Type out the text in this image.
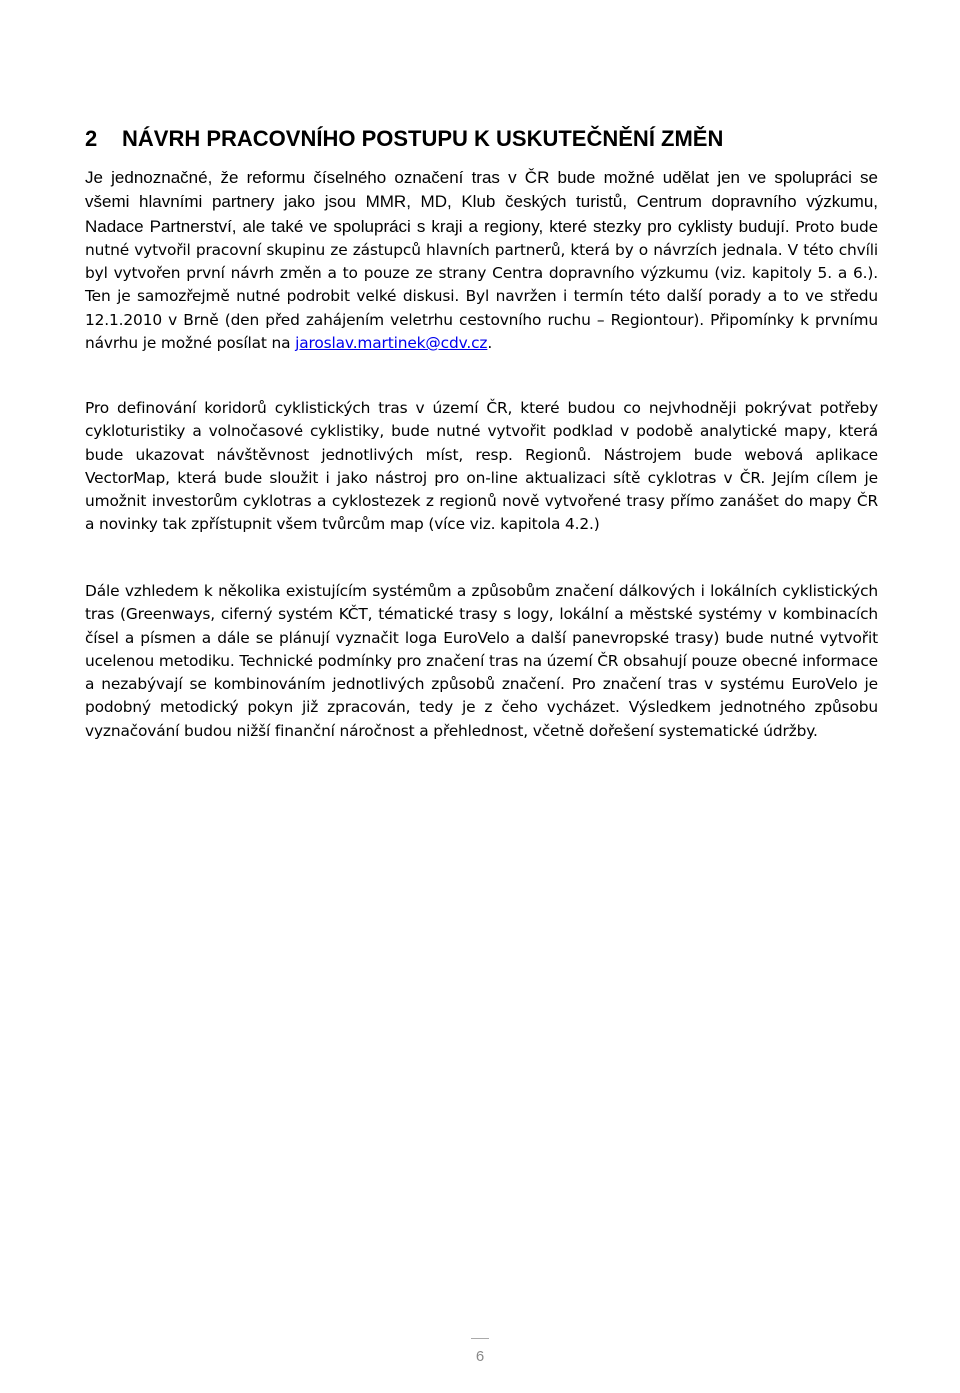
2 NÁVRH PRACOVNÍHO POSTUPU K USKUTEČNĚNÍ ZMĚN

Je jednoznačné, že reformu číselného označení tras v ČR bude možné udělat jen ve spolupráci se všemi hlavními partnery jako jsou MMR, MD, Klub českých turistů, Centrum dopravního výzkumu, Nadace Partnerství, ale také ve spolupráci s kraji a regiony, které stezky pro cyklisty budují. Proto bude nutné vytvořil pracovní skupinu ze zástupců hlavních partnerů, která by o návrzích jednala. V této chvíli byl vytvořen první návrh změn a to pouze ze strany Centra dopravního výzkumu (viz. kapitoly 5. a 6.). Ten je samozřejmě nutné podrobit velké diskusi. Byl navržen i termín této další porady a to ve středu 12.1.2010 v Brně (den před zahájením veletrhu cestovního ruchu – Regiontour). Připomínky k prvnímu návrhu je možné posílat na jaroslav.martinek@cdv.cz.

Pro definování koridorů cyklistických tras v území ČR, které budou co nejvhodněji pokrývat potřeby cykloturistiky a volnočasové cyklistiky, bude nutné vytvořit podklad v podobě analytické mapy, která bude ukazovat návštěvnost jednotlivých míst, resp. Regionů. Nástrojem bude webová aplikace VectorMap, která bude sloužit i jako nástroj pro on-line aktualizaci sítě cyklotras v ČR. Jejím cílem je umožnit investorům cyklotras a cyklostezek z regionů nově vytvořené trasy přímo zanášet do mapy ČR a novinky tak zpřístupnit všem tvůrcům map (více viz. kapitola 4.2.)

Dále vzhledem k několika existujícím systémům a způsobům značení dálkových i lokálních cyklistických tras (Greenways, ciferný systém KČT, tématické trasy s logy, lokální a městské systémy v kombinacích čísel a písmen a dále se plánují vyznačit loga EuroVelo a další panevropské trasy) bude nutné vytvořit ucelenou metodiku. Technické podmínky pro značení tras na území ČR obsahují pouze obecné informace a nezabývají se kombinováním jednotlivých způsobů značení. Pro značení tras v systému EuroVelo je podobný metodický pokyn již zpracován, tedy je z čeho vycházet. Výsledkem jednotného způsobu vyznačování budou nižší finanční náročnost a přehlednost, včetně dořešení systematické údržby.

6
